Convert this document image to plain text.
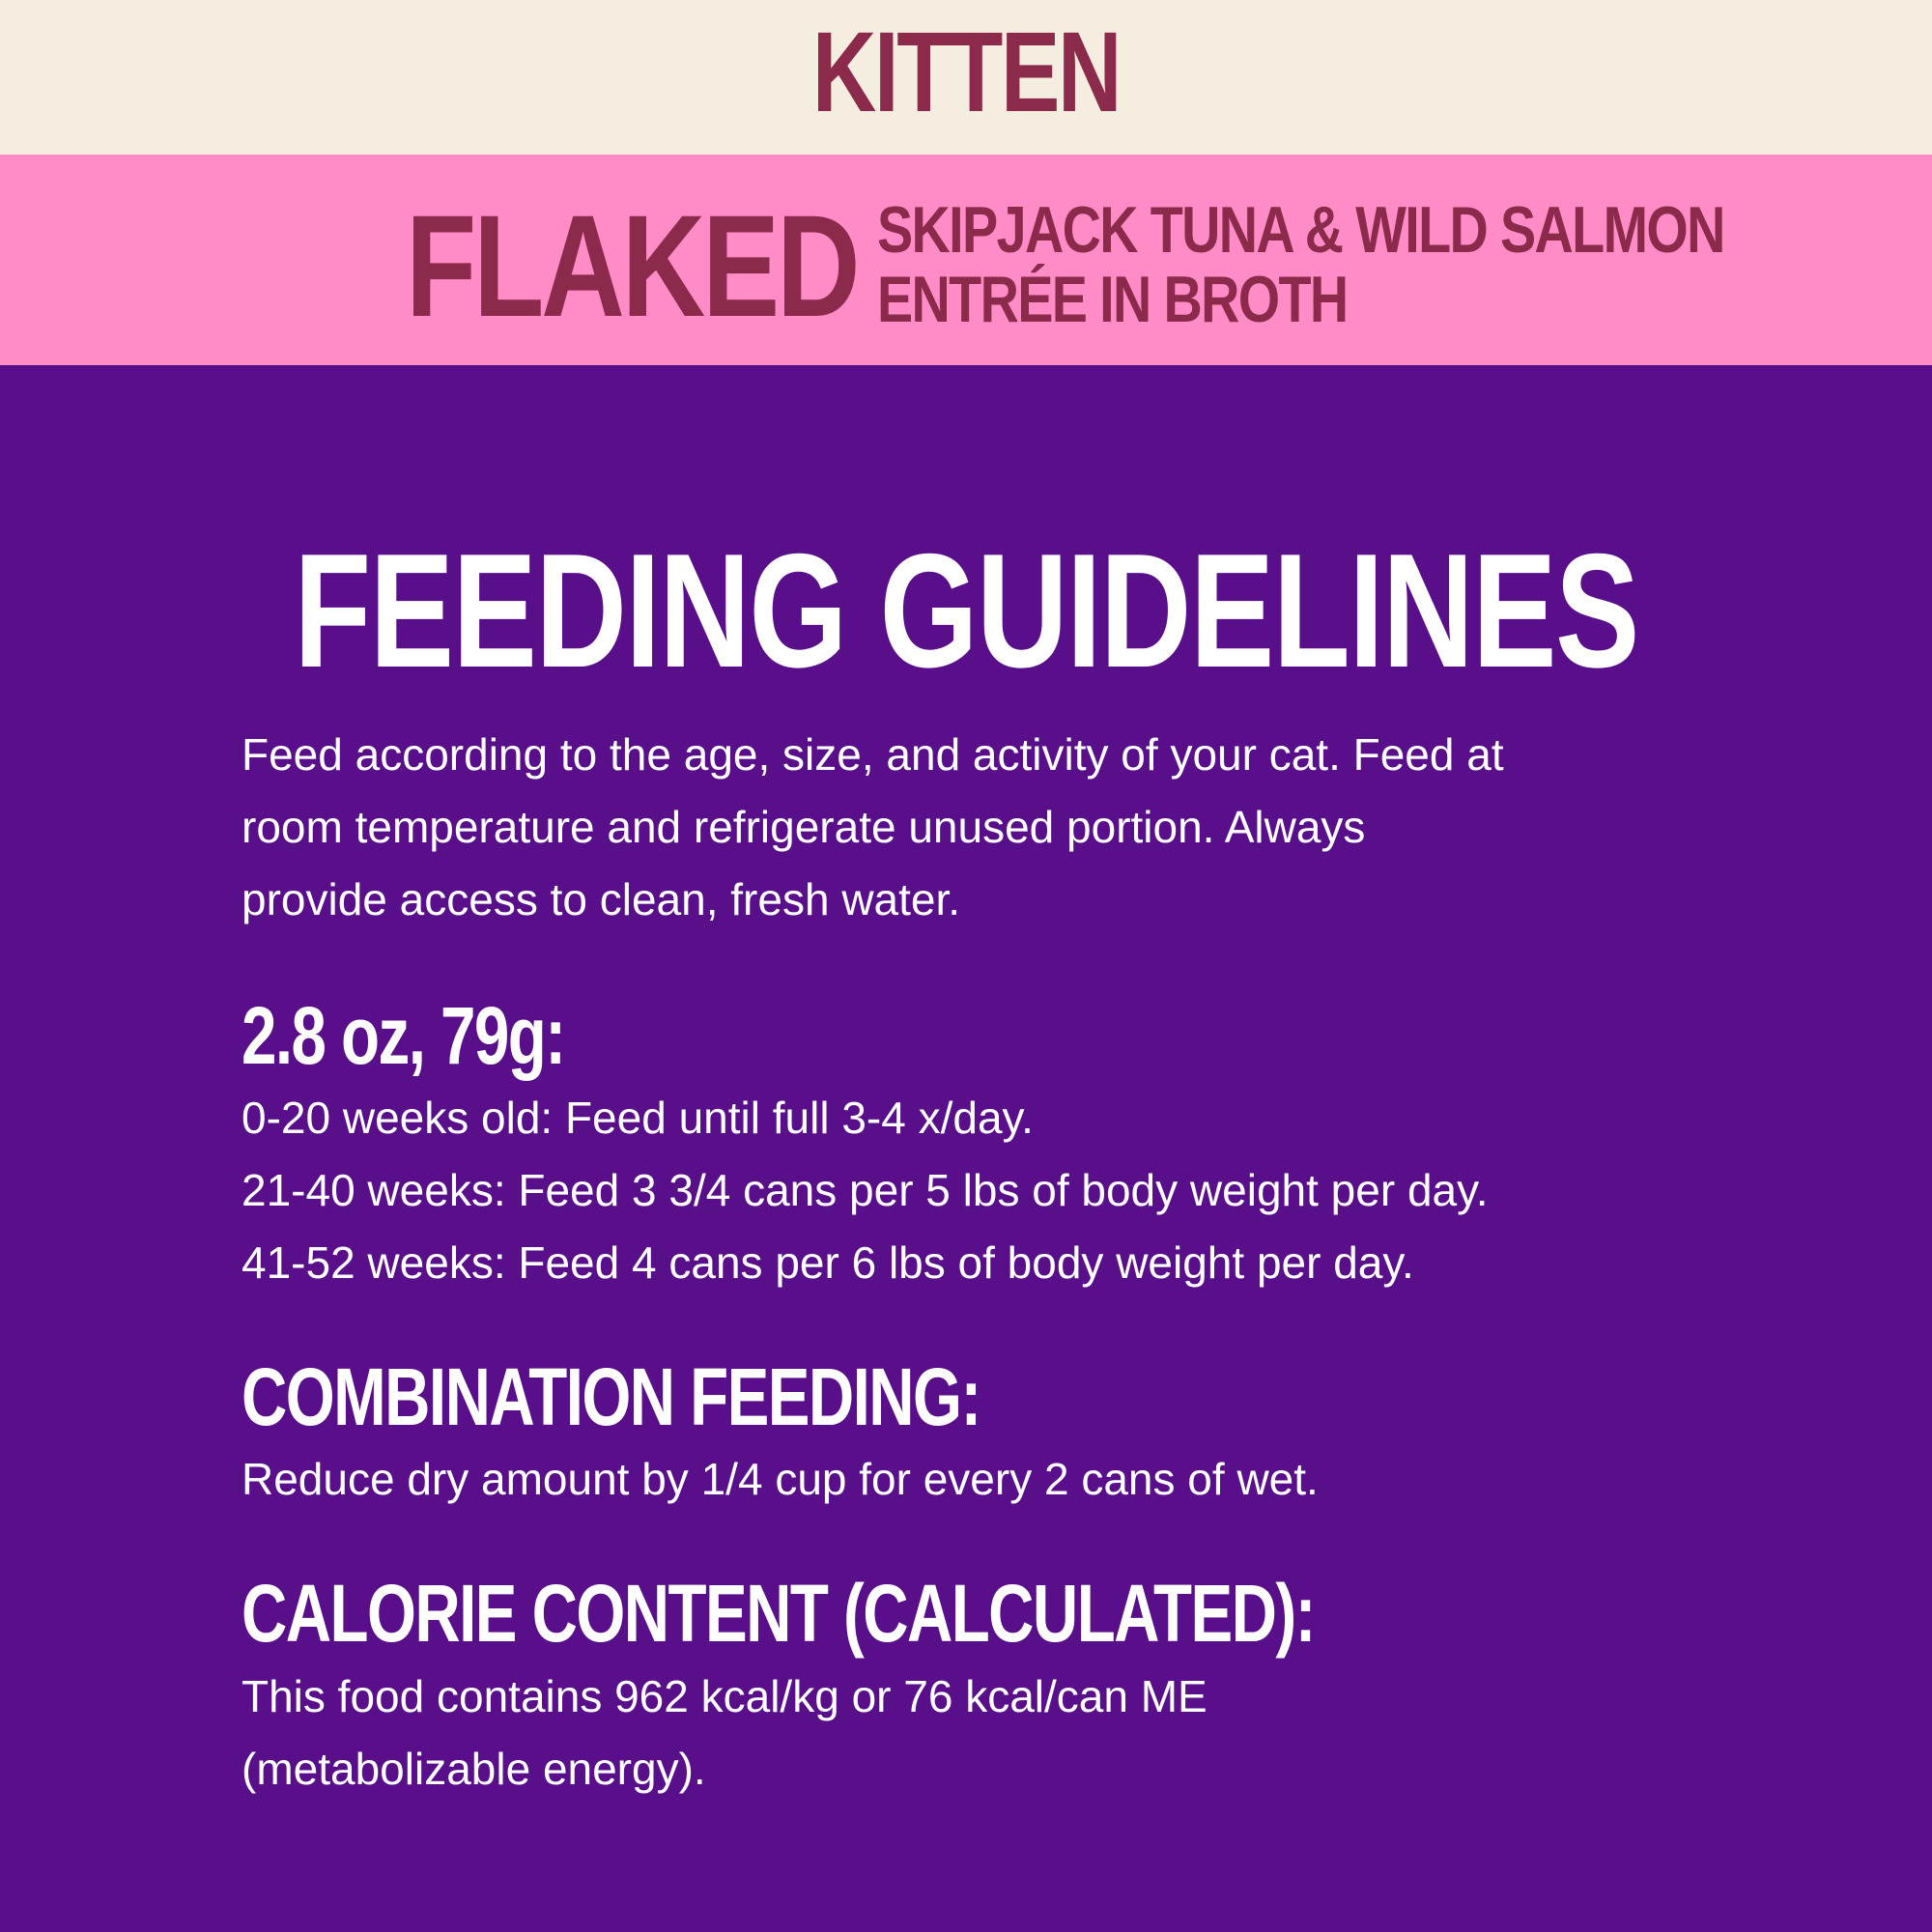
KITTEN
FLAKED SKIPJACK TUNA & WILD SALMON
ENTRÉE IN BROTH
FEEDING GUIDELINES
Feed according to the age, size, and activity of your cat. Feed at
room temperature and refrigerate unused portion. Always
provide access to clean, fresh water.
2.8 oz, 79g:
0-20 weeks old: Feed until full 3-4 x/day.
21-40 weeks: Feed 3 3/4 cans per 5 lbs of body weight per day.
41-52 weeks: Feed 4 cans per 6 lbs of body weight per day.
COMBINATION FEEDING:
Reduce dry amount by 1/4 cup for every 2 cans of wet.
CALORIE CONTENT (CALCULATED):
This food contains 962 kcal/kg or 76 kcal/can ME
(metabolizable energy).
